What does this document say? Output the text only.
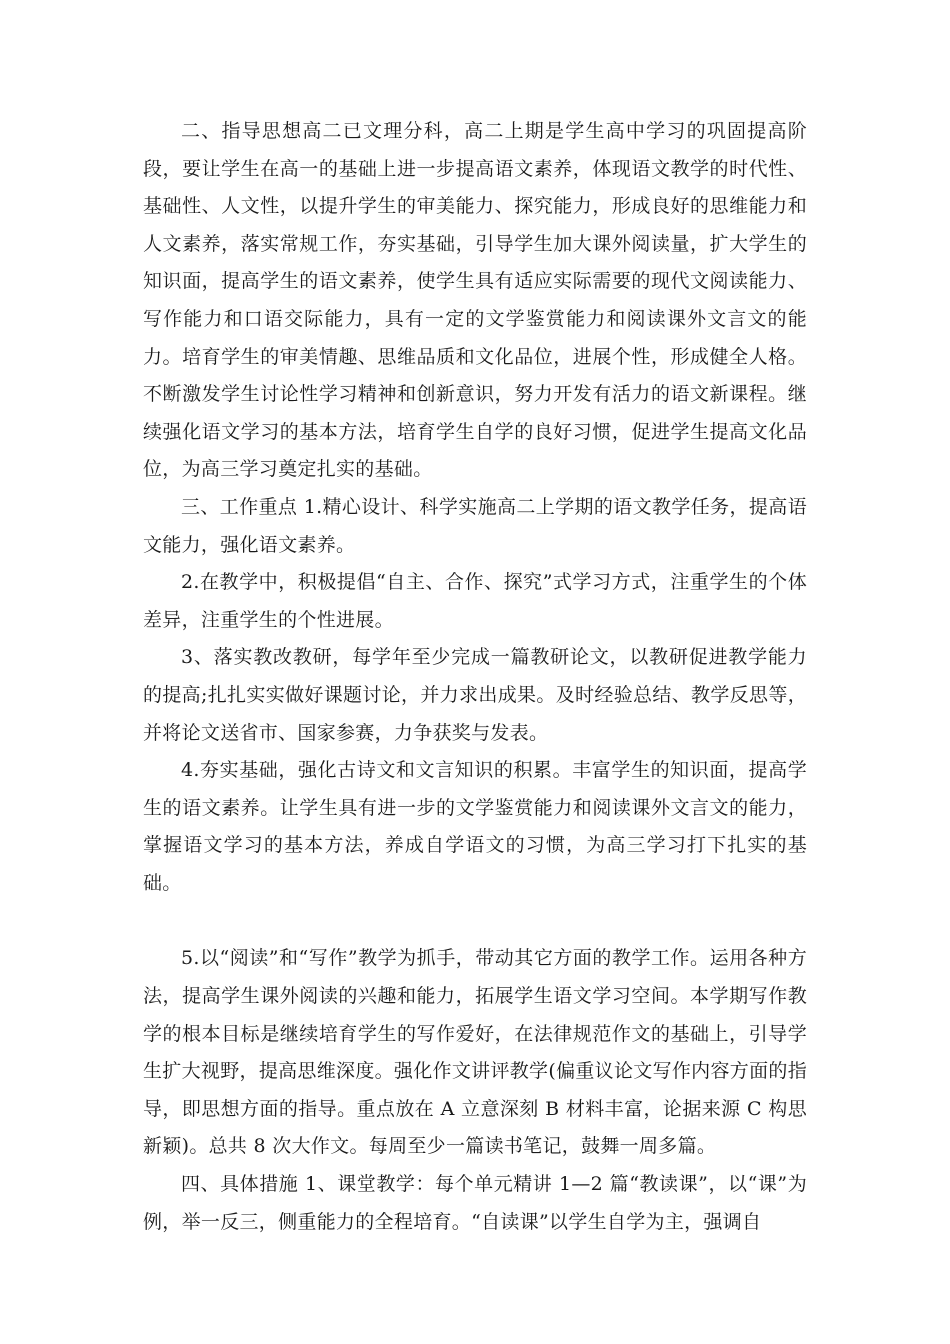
二、指导思想高二已文理分科，高二上期是学生高中学习的巩固提高阶段，要让学生在高一的基础上进一步提高语文素养，体现语文教学的时代性、基础性、人文性，以提升学生的审美能力、探究能力，形成良好的思维能力和人文素养，落实常规工作，夯实基础，引导学生加大课外阅读量，扩大学生的知识面，提高学生的语文素养，使学生具有适应实际需要的现代文阅读能力、写作能力和口语交际能力，具有一定的文学鉴赏能力和阅读课外文言文的能力。培育学生的审美情趣、思维品质和文化品位，进展个性，形成健全人格。不断激发学生讨论性学习精神和创新意识，努力开发有活力的语文新课程。继续强化语文学习的基本方法，培育学生自学的良好习惯，促进学生提高文化品位，为高三学习奠定扎实的基础。

三、工作重点 1.精心设计、科学实施高二上学期的语文教学任务，提高语文能力，强化语文素养。

2.在教学中，积极提倡“自主、合作、探究”式学习方式，注重学生的个体差异，注重学生的个性进展。

3、落实教改教研，每学年至少完成一篇教研论文，以教研促进教学能力的提高;扎扎实实做好课题讨论，并力求出成果。及时经验总结、教学反思等，并将论文送省市、国家参赛，力争获奖与发表。

4.夯实基础，强化古诗文和文言知识的积累。丰富学生的知识面，提高学生的语文素养。让学生具有进一步的文学鉴赏能力和阅读课外文言文的能力，掌握语文学习的基本方法，养成自学语文的习惯，为高三学习打下扎实的基础。

5.以“阅读”和“写作”教学为抓手，带动其它方面的教学工作。运用各种方法，提高学生课外阅读的兴趣和能力，拓展学生语文学习空间。本学期写作教学的根本目标是继续培育学生的写作爱好，在法律规范作文的基础上，引导学生扩大视野，提高思维深度。强化作文讲评教学(偏重议论文写作内容方面的指导，即思想方面的指导。重点放在 A 立意深刻 B 材料丰富，论据来源 C 构思新颖)。总共 8 次大作文。每周至少一篇读书笔记，鼓舞一周多篇。

四、具体措施 1、课堂教学：每个单元精讲 1—2 篇“教读课”，以“课”为例，举一反三，侧重能力的全程培育。“自读课”以学生自学为主，强调自
